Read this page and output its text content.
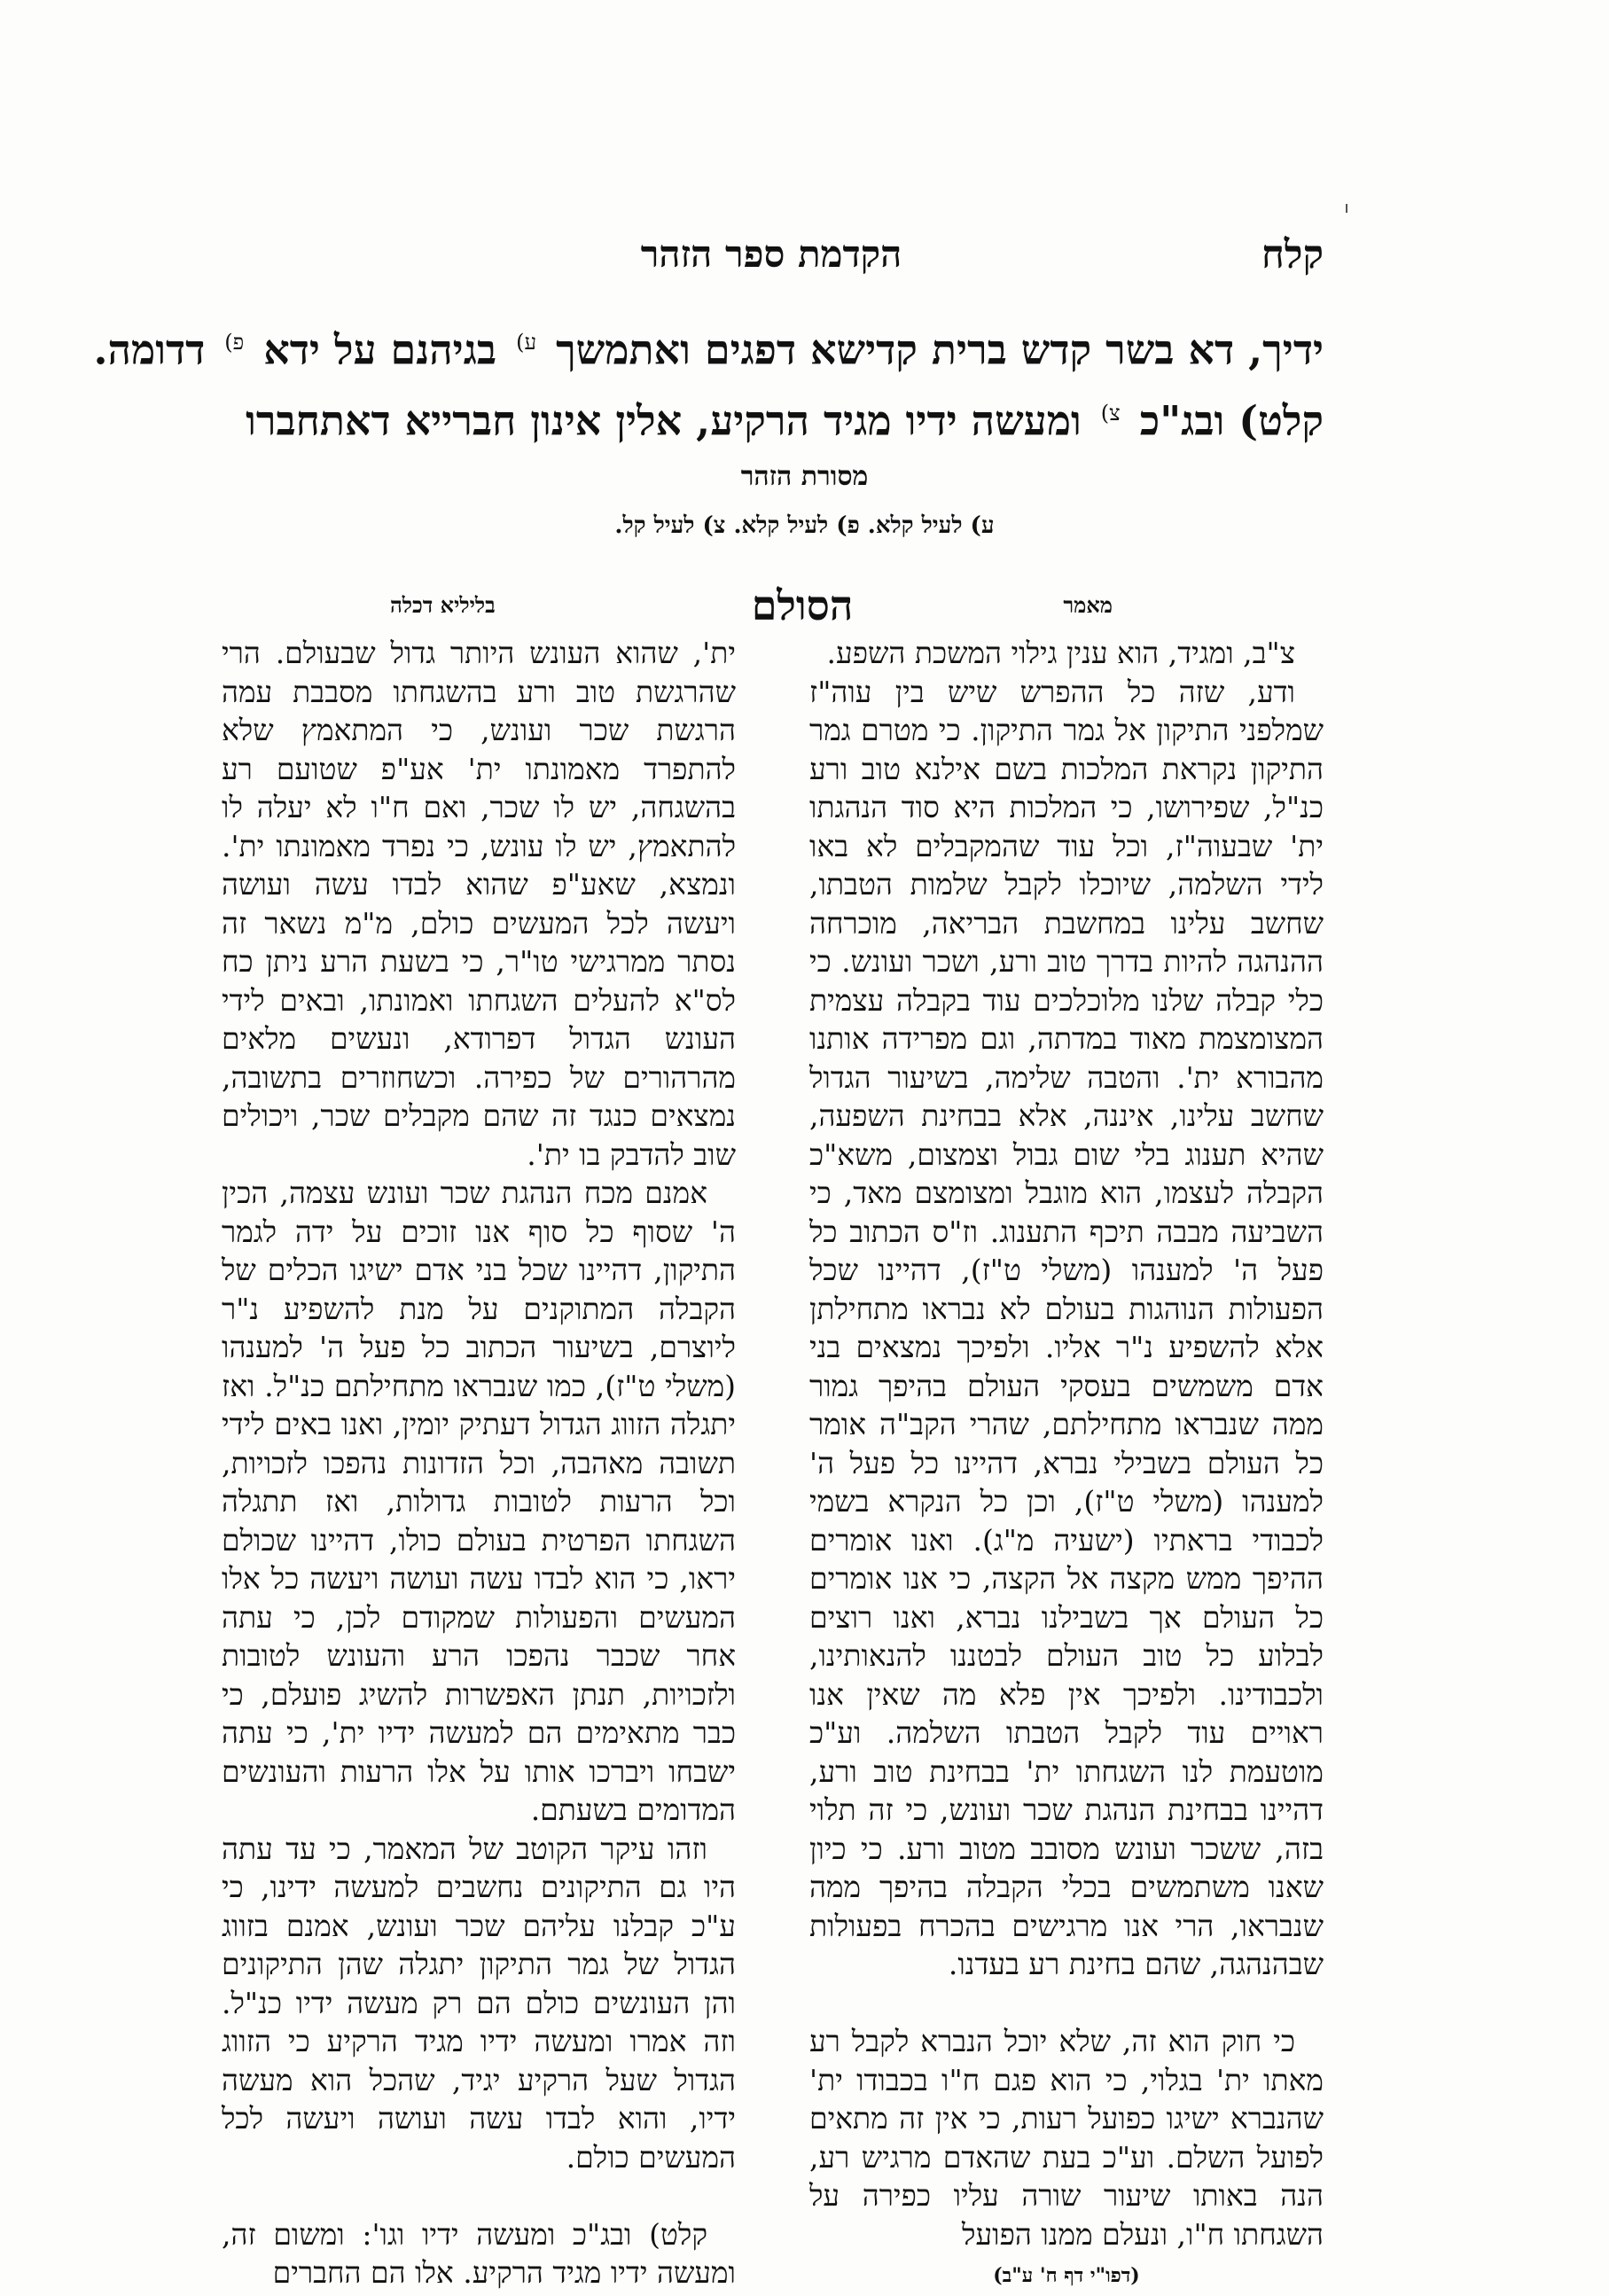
קלח
הקדמת ספר הזהר
ידיך, דא בשר קדש ברית קדישא דפגים ואתמשך $^{ע)}$ בגיהנם על ידא $^{פ)}$ דדומה.
קלט) ובג"כ $^{צ)}$ ומעשה ידיו מגיד הרקיע, אלין אינון חברייא דאתחברו
מסורת הזהר
ע) לעיל קלא. פ) לעיל קלא. צ) לעיל קל.
מאמר
הסולם
בליליא דכלה

צ"ב, ומגיד, הוא ענין גילוי המשכת השפע.

ודע, שזה כל ההפרש שיש בין עוה"ז שמלפני התיקון אל גמר התיקון. כי מטרם גמר התיקון נקראת המלכות בשם אילנא טוב ורע כנ"ל, שפירושו, כי המלכות היא סוד הנהגתו ית' שבעוה"ז, וכל עוד שהמקבלים לא באו לידי השלמה, שיוכלו לקבל שלמות הטבתו, שחשב עלינו במחשבת הבריאה, מוכרחה ההנהגה להיות בדרך טוב ורע, ושכר ועונש. כי כלי קבלה שלנו מלוכלכים עוד בקבלה עצמית המצומצמת מאוד במדתה, וגם מפרידה אותנו מהבורא ית'. והטבה שלימה, בשיעור הגדול שחשב עלינו, איננה, אלא בבחינת השפעה, שהיא תענוג בלי שום גבול וצמצום, משא"כ הקבלה לעצמו, הוא מוגבל ומצומצם מאד, כי השביעה מבבה תיכף התענוג. וז"ס הכתוב כל פעל ה' למענהו (משלי ט"ז), דהיינו שכל הפעולות הנוהגות בעולם לא נבראו מתחילתן אלא להשפיע נ"ר אליו. ולפיכך נמצאים בני אדם משמשים בעסקי העולם בהיפך גמור ממה שנבראו מתחילתם, שהרי הקב"ה אומר כל העולם בשבילי נברא, דהיינו כל פעל ה' למענהו (משלי ט"ז), וכן כל הנקרא בשמי לכבודי בראתיו (ישעיה מ"ג). ואנו אומרים ההיפך ממש מקצה אל הקצה, כי אנו אומרים כל העולם אך בשבילנו נברא, ואנו רוצים לבלוע כל טוב העולם לבטננו להנאותינו, ולכבודינו. ולפיכך אין פלא מה שאין אנו ראויים עוד לקבל הטבתו השלמה. וע"כ מוטעמת לנו השגחתו ית' בבחינת טוב ורע, דהיינו בבחינת הנהגת שכר ועונש, כי זה תלוי בזה, ששכר ועונש מסובב מטוב ורע. כי כיון שאנו משתמשים בכלי הקבלה בהיפך ממה שנבראו, הרי אנו מרגישים בהכרח בפעולות שבהנהגה, שהם בחינת רע בעדנו.

כי חוק הוא זה, שלא יוכל הנברא לקבל רע מאתו ית' בגלוי, כי הוא פגם ח"ו בכבודו ית' שהנברא ישיגו כפועל רעות, כי אין זה מתאים לפועל השלם. וע"כ בעת שהאדם מרגיש רע, הנה באותו שיעור שורה עליו כפירה על השגחתו ח"ו, ונעלם ממנו הפועל

(דפו"י דף ח' ע"ב)

ית', שהוא העונש היותר גדול שבעולם. הרי שהרגשת טוב ורע בהשגחתו מסבבת עמה הרגשת שכר ועונש, כי המתאמץ שלא להתפרד מאמונתו ית' אע"פ שטועם רע בהשגחה, יש לו שכר, ואם ח"ו לא יעלה לו להתאמץ, יש לו עונש, כי נפרד מאמונתו ית'. ונמצא, שאע"פ שהוא לבדו עשה ועושה ויעשה לכל המעשים כולם, מ"מ נשאר זה נסתר ממרגישי טו"ר, כי בשעת הרע ניתן כח לס"א להעלים השגחתו ואמונתו, ובאים לידי העונש הגדול דפרודא, ונעשים מלאים מהרהורים של כפירה. וכשחוזרים בתשובה, נמצאים כנגד זה שהם מקבלים שכר, ויכולים שוב להדבק בו ית'.

אמנם מכח הנהגת שכר ועונש עצמה, הכין ה' שסוף כל סוף אנו זוכים על ידה לגמר התיקון, דהיינו שכל בני אדם ישיגו הכלים של הקבלה המתוקנים על מנת להשפיע נ"ר ליוצרם, בשיעור הכתוב כל פעל ה' למענהו (משלי ט"ז), כמו שנבראו מתחילתם כנ"ל. ואז יתגלה הזווג הגדול דעתיק יומין, ואנו באים לידי תשובה מאהבה, וכל הזדונות נהפכו לזכויות, וכל הרעות לטובות גדולות, ואז תתגלה השגחתו הפרטית בעולם כולו, דהיינו שכולם יראו, כי הוא לבדו עשה ועושה ויעשה כל אלו המעשים והפעולות שמקודם לכן, כי עתה אחר שכבר נהפכו הרע והעונש לטובות ולזכויות, תנתן האפשרות להשיג פועלם, כי כבר מתאימים הם למעשה ידיו ית', כי עתה ישבחו ויברכו אותו על אלו הרעות והעונשים המדומים בשעתם.

וזהו עיקר הקוטב של המאמר, כי עד עתה היו גם התיקונים נחשבים למעשה ידינו, כי ע"כ קבלנו עליהם שכר ועונש, אמנם בזווג הגדול של גמר התיקון יתגלה שהן התיקונים והן העונשים כולם הם רק מעשה ידיו כנ"ל. וזה אמרו ומעשה ידיו מגיד הרקיע כי הזווג הגדול שעל הרקיע יגיד, שהכל הוא מעשה ידיו, והוא לבדו עשה ועושה ויעשה לכל המעשים כולם.

קלט) ובג"כ ומעשה ידיו וגו': ומשום זה, ומעשה ידיו מגיד הרקיע. אלו הם החברים
